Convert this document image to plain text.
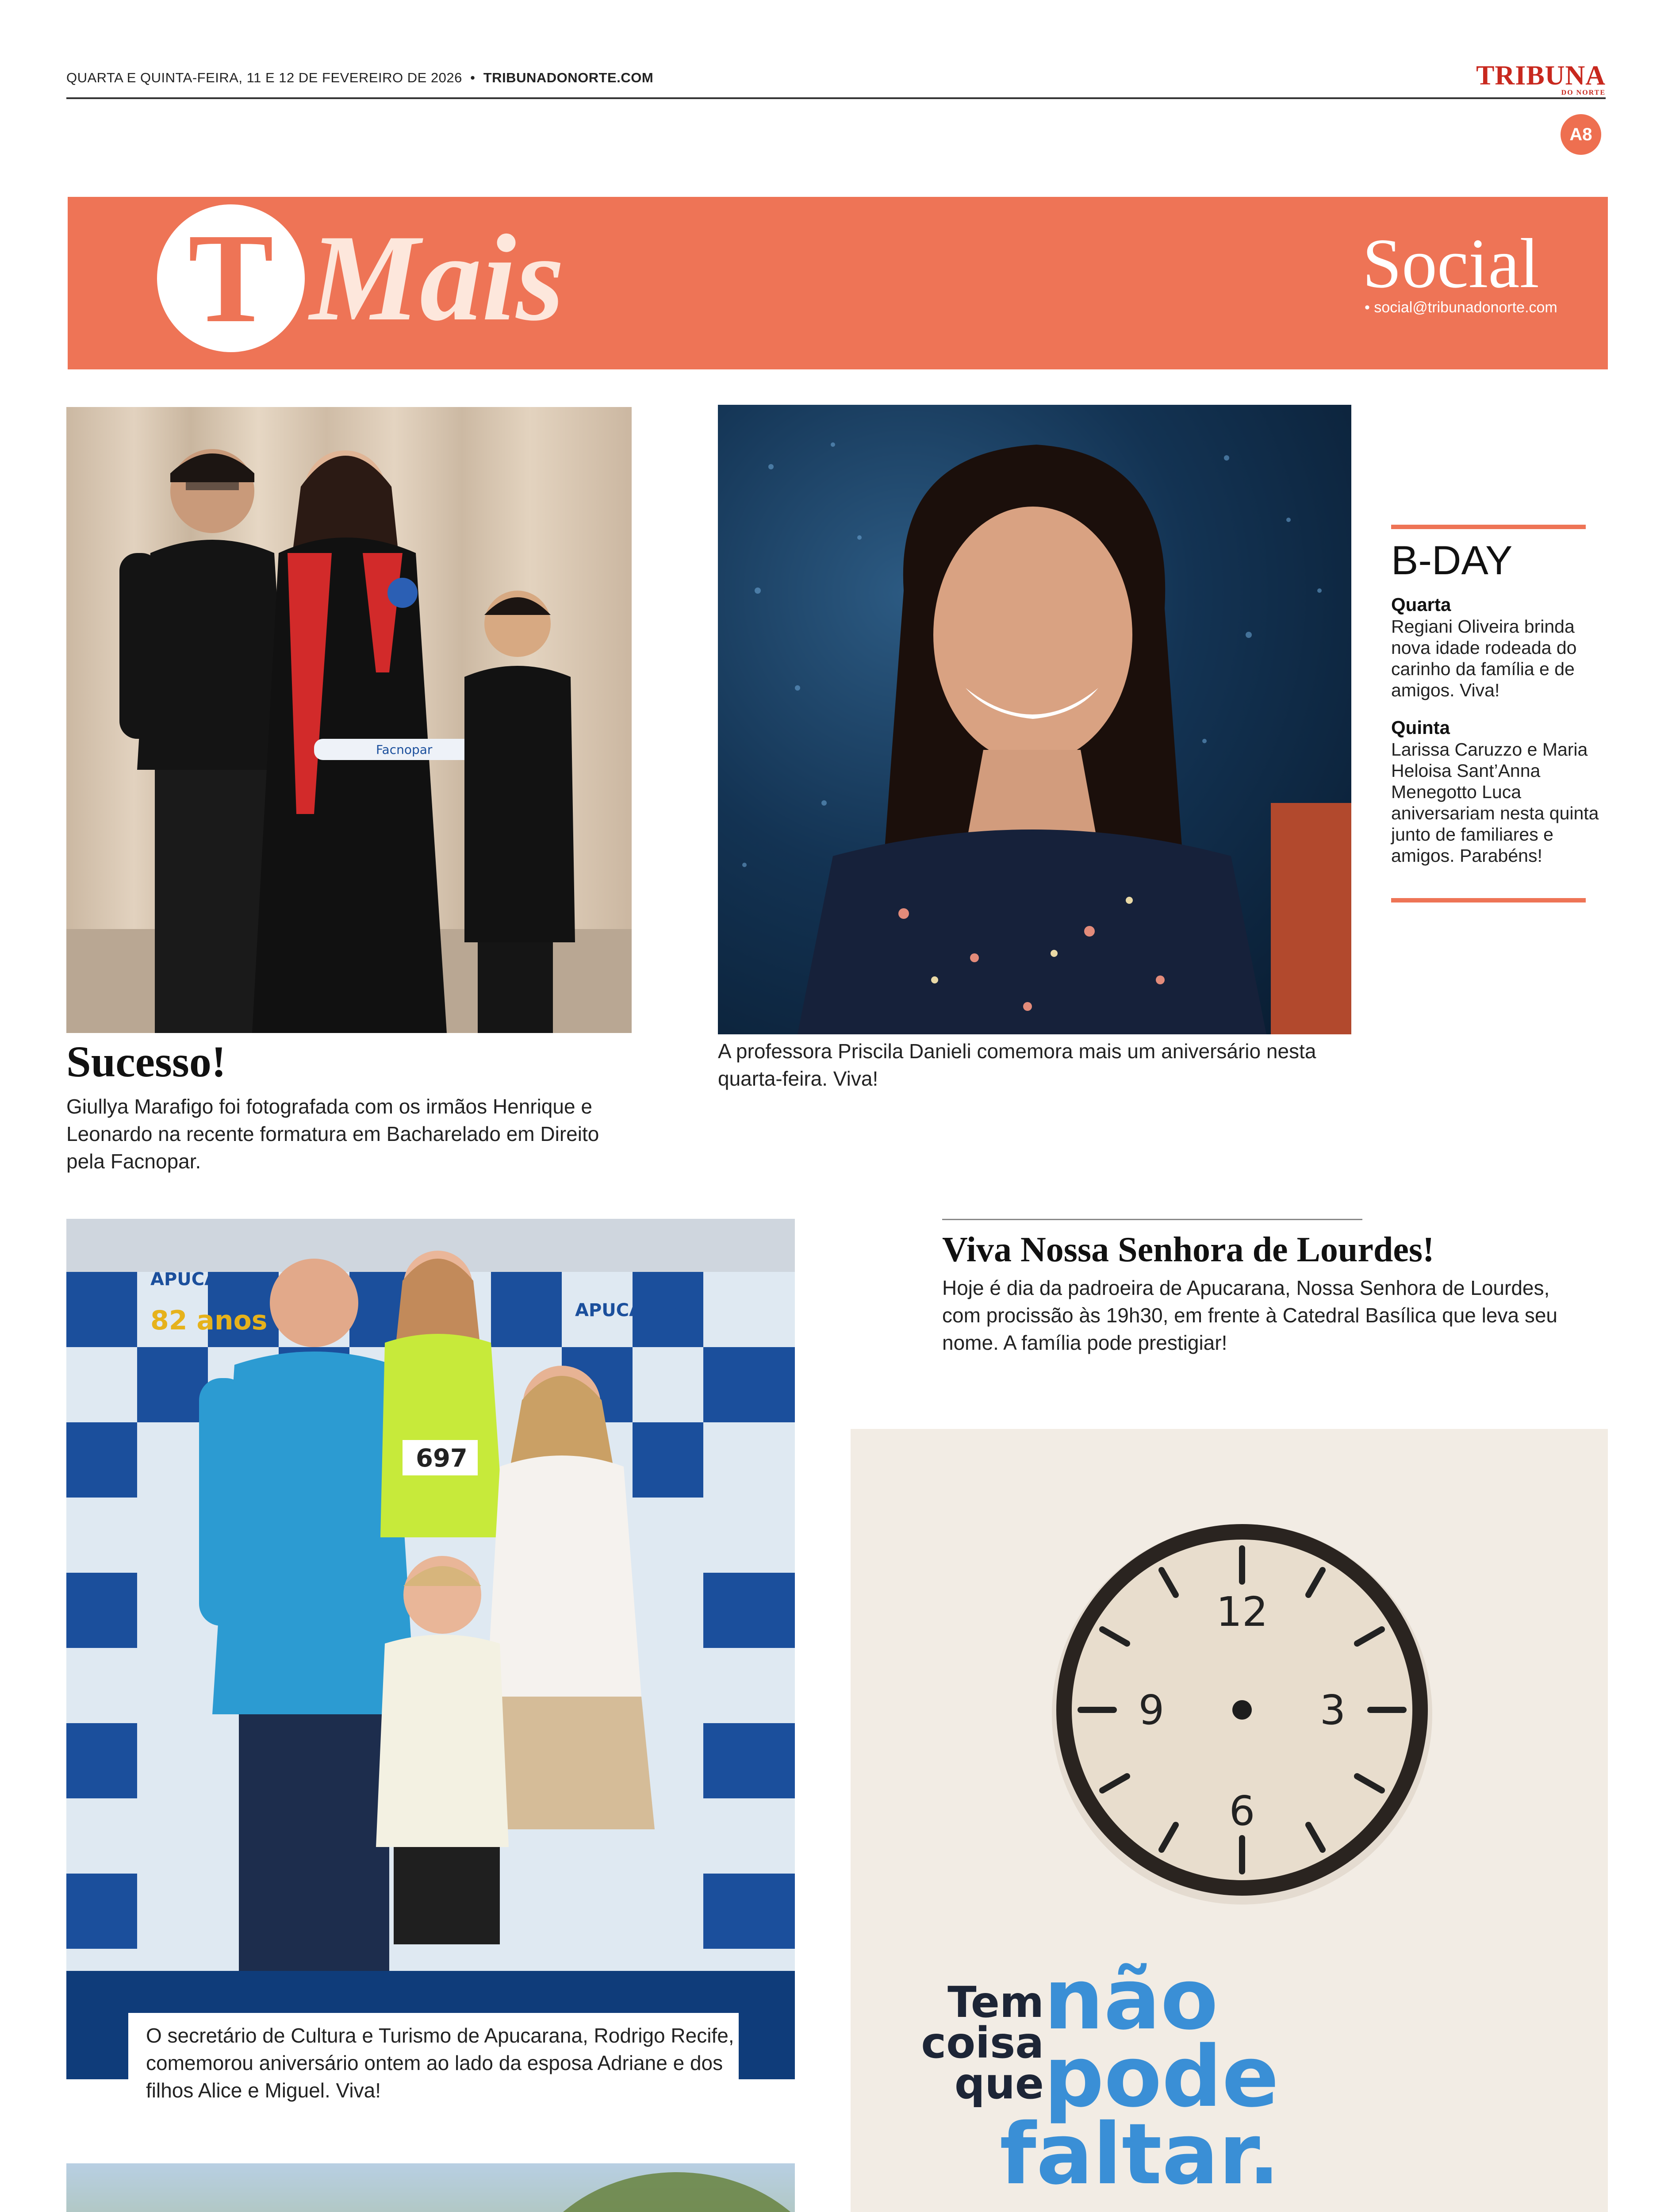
QUARTA E QUINTA-FEIRA, 11 E 12 DE FEVEREIRO DE 2026 • TRIBUNADONORTE.COM	TRIBUNA
DO NORTE
A8
T Mais	Social
• social@tribunadonorte.com
Facnopar
Sucesso!
Giullya Marafigo foi fotografada com os irmãos Henrique e Leonardo na recente formatura em Bacharelado em Direito pela Facnopar.
A professora Priscila Danieli comemora mais um aniversário nesta quarta-feira. Viva!
B-DAY
Quarta
Regiani Oliveira brinda nova idade rodeada do carinho da família e de amigos. Viva!
Quinta
Larissa Caruzzo e Maria Heloisa Sant’Anna Menegotto Luca aniversariam nesta quinta junto de familiares e amigos. Parabéns!
APUCARANA
APUCARANA
82 anos
697
O secretário de Cultura e Turismo de Apucarana, Rodrigo Recife, comemorou aniversário ontem ao lado da esposa Adriane e dos filhos Alice e Miguel. Viva!
Viva Nossa Senhora de Lourdes!
Hoje é dia da padroeira de Apucarana, Nossa Senhora de Lourdes, com procissão às 19h30, em frente à Catedral Basílica que leva seu nome. A família pode prestigiar!
12
3
6
9
Tem
coisa
que
não
pode
faltar.
